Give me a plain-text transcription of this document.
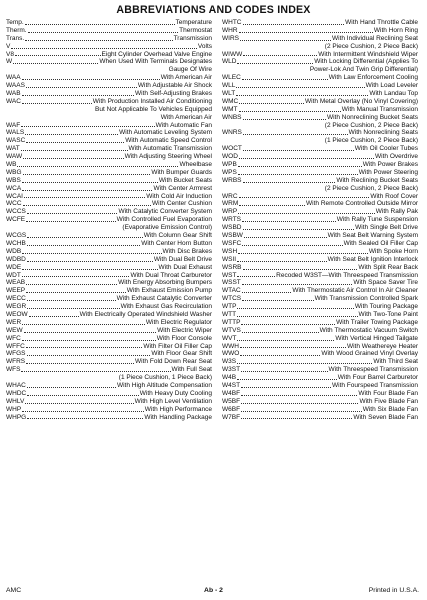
ABBREVIATIONS AND CODES INDEX
Temp.	Temperature
Therm.	Thermostat
Trans.	Transmission
V	Volts
V8	Eight Cylinder Overhead Valve Engine
W	When Used With Terminals Designates
Gauge Of Wire
WAA	With American Air
WAAS	With Adjustable Air Shock
WAB	With Self-Adjusting Brakes
WAC	With Production Installed Air Conditioning
But Not Applicable To Vehicles Equipped
With American Air
WAF	With Automatic Fan
WALS	With Automatic Leveling System
WASC	With Automatic Speed Control
WAT	With Automatic Transmission
WAW	With Adjusting Steering Wheel
WB	Wheelbase
WBG	With Bumper Guards
WBS	With Bucket Seats
WCA	With Center Armrest
WCAI	With Cold Air Induction
WCC	With Center Cushion
WCCS	With Catalytic Converter System
WCFE	With Controlled Fuel Evaporation
(Evaporative Emission Control)
WCGS	With Column Gear Shift
WCHB	With Center Horn Button
WDB	With Disc Brakes
WDBD	With Dual Belt Drive
WDE	With Dual Exhaust
WDT	With Dual Throat Carburetor
WEAB	With Energy Absorbing Bumpers
WEEP	With Exhaust Emission Pump
WECC	With Exhaust Catalytic Converter
WEGR	With Exhaust Gas Recirculation
WEOW	With Electrically Operated Windshield Washer
WER	With Electric Regulator
WEW	With Electric Wiper
WFC	With Floor Console
WFFC	With Filter Oil Filler Cap
WFGS	With Floor Gear Shift
WFRS	With Fold Down Rear Seat
WFS	With Full Seat
(1 Piece Cushion, 1 Piece Back)
WHAC	With High Altitude Compensation
WHDC	With Heavy Duty Cooling
WHLV	With High Level Ventilation
WHP	With High Performance
WHPG	With Handling Package
WHTC	With Hand Throttle Cable
WHR	With Horn Ring
WIRS	With Individual Reclining Seat
(2 Piece Cushion, 2 Piece Back)
WIWW	With Intermittent Windshield Wiper
WLD	With Locking Differential (Applies To
Power-Lok And Twin Grip Differential)
WLEC	With Law Enforcement Cooling
WLL	With Load Leveler
WLT	With Landau Top
WMC	With Metal Overlay (No Vinyl Covering)
WMT	With Manual Transmission
WNBS	With Nonreclining Bucket Seats
(2 Piece Cushion, 2 Piece Back)
WNRS	With Nonreclining Seats
(1 Piece Cushion, 2 Piece Back)
WOCT	With Oil Cooler Tubes
WOD	With Overdrive
WPB	With Power Brakes
WPS	With Power Steering
WRBS	With Reclining Bucket Seats
(2 Piece Cushion, 2 Piece Back)
WRC	With Roof Cover
WRM	With Remote Controlled Outside Mirror
WRP	With Rally Pak
WRTS	With Rally Tune Suspension
WSBD	With Single Belt Drive
WSBW	With Seat Belt Warning System
WSFC	With Sealed Oil Filler Cap
WSH	With Spoke Horn
WSII	With Seat Belt Ignition Interlock
WSRB	With Split Rear Back
WST	Recoded W3ST—With Threespeed Transmission
WSST	With Space Saver Tire
WTAC	With Thermostatic Air Control In Air Cleaner
WTCS	With Transmission Controlled Spark
WTP	With Touring Package
WTT	With Two-Tone Paint
WTTP	With Trailer Towing Package
WTVS	With Thermostatic Vacuum Switch
WVT	With Vertical Hinged Tailgate
WWH	With Weathereye Heater
WWO	With Wood Grained Vinyl Overlay
W3S	With Third Seat
W3ST	With Threespeed Transmission
W4B	With Four Barrel Carburetor
W4ST	With Fourspeed Transmission
W4BF	With Four Blade Fan
W5BF	With Five Blade Fan
W6BF	With Six Blade Fan
W7BF	With Seven Blade Fan
AMC	Ab - 2	Printed in U.S.A.
